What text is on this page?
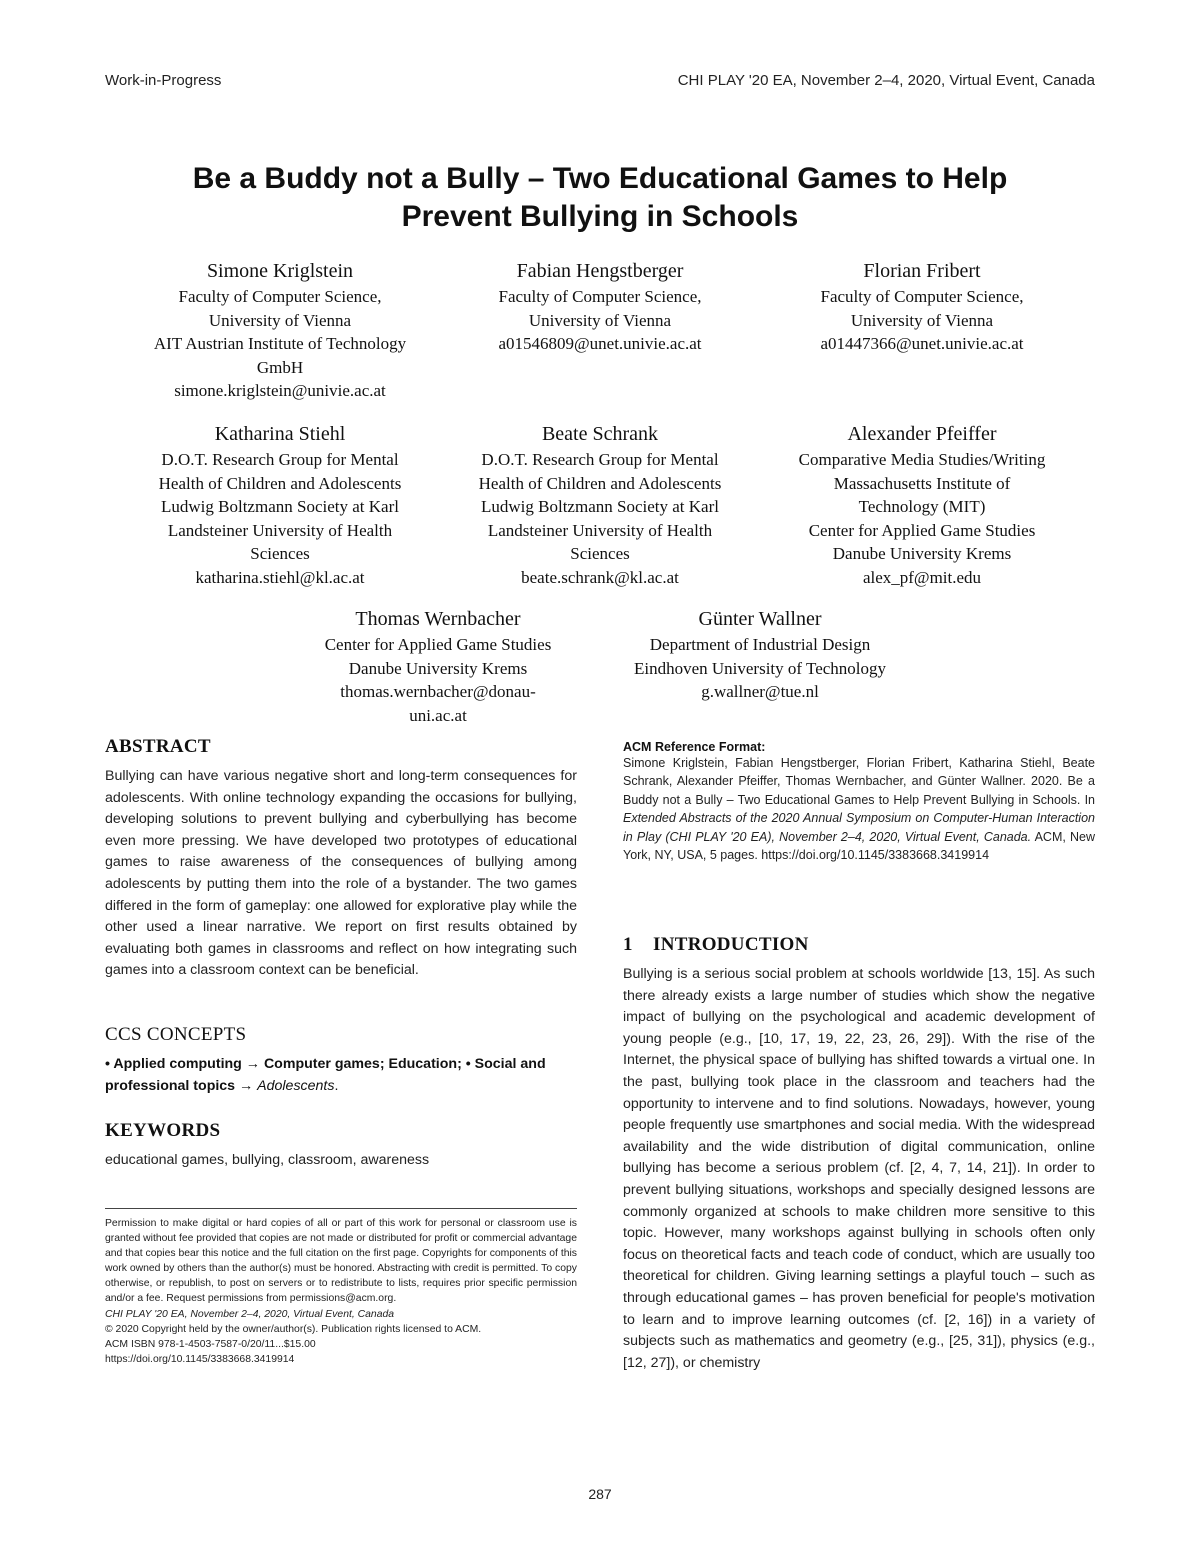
Work-in-Progress	CHI PLAY '20 EA, November 2–4, 2020, Virtual Event, Canada
Be a Buddy not a Bully – Two Educational Games to Help
Prevent Bullying in Schools
Simone Kriglstein
Faculty of Computer Science,
University of Vienna
AIT Austrian Institute of Technology
GmbH
simone.kriglstein@univie.ac.at
Fabian Hengstberger
Faculty of Computer Science,
University of Vienna
a01546809@unet.univie.ac.at
Florian Fribert
Faculty of Computer Science,
University of Vienna
a01447366@unet.univie.ac.at
Katharina Stiehl
D.O.T. Research Group for Mental
Health of Children and Adolescents
Ludwig Boltzmann Society at Karl
Landsteiner University of Health
Sciences
katharina.stiehl@kl.ac.at
Beate Schrank
D.O.T. Research Group for Mental
Health of Children and Adolescents
Ludwig Boltzmann Society at Karl
Landsteiner University of Health
Sciences
beate.schrank@kl.ac.at
Alexander Pfeiffer
Comparative Media Studies/Writing
Massachusetts Institute of
Technology (MIT)
Center for Applied Game Studies
Danube University Krems
alex_pf@mit.edu
Thomas Wernbacher
Center for Applied Game Studies
Danube University Krems
thomas.wernbacher@donau-
uni.ac.at
Günter Wallner
Department of Industrial Design
Eindhoven University of Technology
g.wallner@tue.nl
ABSTRACT
Bullying can have various negative short and long-term consequences for adolescents. With online technology expanding the occasions for bullying, developing solutions to prevent bullying and cyberbullying has become even more pressing. We have developed two prototypes of educational games to raise awareness of the consequences of bullying among adolescents by putting them into the role of a bystander. The two games differed in the form of gameplay: one allowed for explorative play while the other used a linear narrative. We report on first results obtained by evaluating both games in classrooms and reflect on how integrating such games into a classroom context can be beneficial.
CCS CONCEPTS
• Applied computing → Computer games; Education; • Social and professional topics → Adolescents.
KEYWORDS
educational games, bullying, classroom, awareness
Permission to make digital or hard copies of all or part of this work for personal or classroom use is granted without fee provided that copies are not made or distributed for profit or commercial advantage and that copies bear this notice and the full citation on the first page. Copyrights for components of this work owned by others than the author(s) must be honored. Abstracting with credit is permitted. To copy otherwise, or republish, to post on servers or to redistribute to lists, requires prior specific permission and/or a fee. Request permissions from permissions@acm.org.
CHI PLAY '20 EA, November 2–4, 2020, Virtual Event, Canada
© 2020 Copyright held by the owner/author(s). Publication rights licensed to ACM.
ACM ISBN 978-1-4503-7587-0/20/11...$15.00
https://doi.org/10.1145/3383668.3419914
ACM Reference Format:
Simone Kriglstein, Fabian Hengstberger, Florian Fribert, Katharina Stiehl, Beate Schrank, Alexander Pfeiffer, Thomas Wernbacher, and Günter Wallner. 2020. Be a Buddy not a Bully – Two Educational Games to Help Prevent Bullying in Schools. In Extended Abstracts of the 2020 Annual Symposium on Computer-Human Interaction in Play (CHI PLAY '20 EA), November 2–4, 2020, Virtual Event, Canada. ACM, New York, NY, USA, 5 pages. https://doi.org/10.1145/3383668.3419914
1 INTRODUCTION
Bullying is a serious social problem at schools worldwide [13, 15]. As such there already exists a large number of studies which show the negative impact of bullying on the psychological and academic development of young people (e.g., [10, 17, 19, 22, 23, 26, 29]). With the rise of the Internet, the physical space of bullying has shifted towards a virtual one. In the past, bullying took place in the classroom and teachers had the opportunity to intervene and to find solutions. Nowadays, however, young people frequently use smartphones and social media. With the widespread availability and the wide distribution of digital communication, online bullying has become a serious problem (cf. [2, 4, 7, 14, 21]). In order to prevent bullying situations, workshops and specially designed lessons are commonly organized at schools to make children more sensitive to this topic. However, many workshops against bullying in schools often only focus on theoretical facts and teach code of conduct, which are usually too theoretical for children. Giving learning settings a playful touch – such as through educational games – has proven beneficial for people's motivation to learn and to improve learning outcomes (cf. [2, 16]) in a variety of subjects such as mathematics and geometry (e.g., [25, 31]), physics (e.g., [12, 27]), or chemistry
287
